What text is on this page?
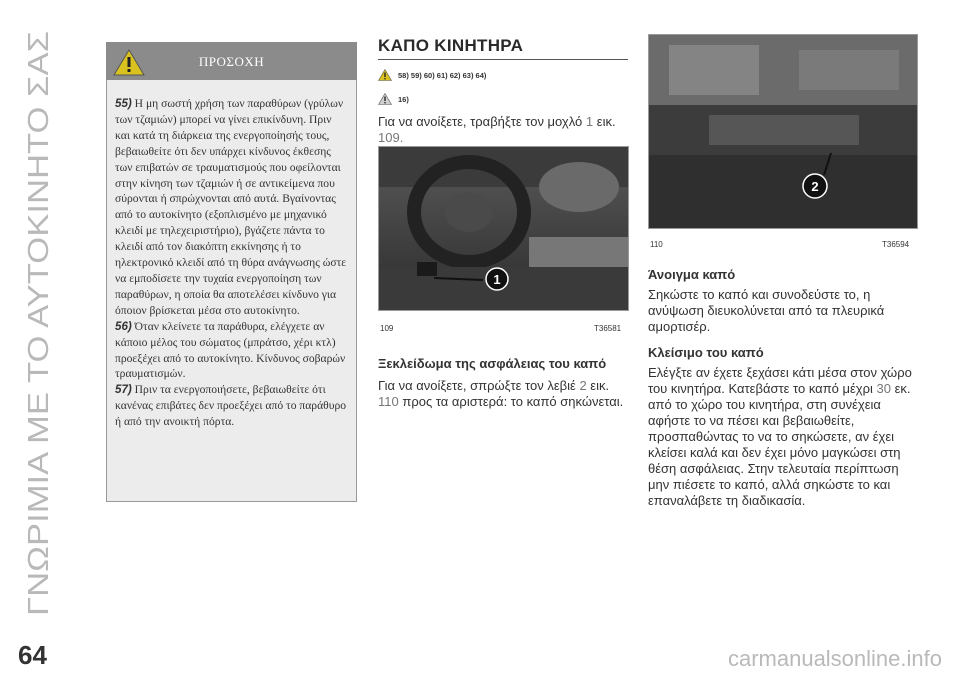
ΓΝΩΡΙΜΙΑ ΜΕ ΤΟ ΑΥΤΟΚΙΝΗΤΟ ΣΑΣ
64	carmanualsonline.info
ΠΡΟΣΟΧΗ

55) Η μη σωστή χρήση των παραθύρων (γρύλων των τζαμιών) μπορεί να γίνει επικίνδυνη. Πριν και κατά τη διάρκεια της ενεργοποίησής τους, βεβαιωθείτε ότι δεν υπάρχει κίνδυνος έκθεσης των επιβατών σε τραυματισμούς που οφείλονται στην κίνηση των τζαμιών ή σε αντικείμενα που σύρονται ή σπρώχνονται από αυτά. Βγαίνοντας από το αυτοκίνητο (εξοπλισμένο με μηχανικό κλειδί με τηλεχειριστήριο), βγάζετε πάντα το κλειδί από τον διακόπτη εκκίνησης ή το ηλεκτρονικό κλειδί από τη θύρα ανάγνωσης ώστε να εμποδίσετε την τυχαία ενεργοποίηση των παραθύρων, η οποία θα αποτελέσει κίνδυνο για όποιον βρίσκεται μέσα στο αυτοκίνητο.

56) Όταν κλείνετε τα παράθυρα, ελέγχετε αν κάποιο μέλος του σώματος (μπράτσο, χέρι κτλ) προεξέχει από το αυτοκίνητο. Κίνδυνος σοβαρών τραυματισμών.

57) Πριν τα ενεργοποιήσετε, βεβαιωθείτε ότι κανένας επιβάτες δεν προεξέχει από το παράθυρο ή από την ανοικτή πόρτα.

ΚΑΠΟ ΚΙΝΗΤΗΡΑ
58) 59) 60) 61) 62) 63) 64)
16)

Για να ανοίξετε, τραβήξτε τον μοχλό 1 εικ. 109.

1
109	T36581
Ξεκλείδωμα της ασφάλειας του καπό

Για να ανοίξετε, σπρώξτε τον λεβιέ 2 εικ. 110 προς τα αριστερά: το καπό σηκώνεται.

2
110	T36594
Άνοιγμα καπό

Σηκώστε το καπό και συνοδεύστε το, η ανύψωση διευκολύνεται από τα πλευρικά αμορτισέρ.

Κλείσιμο του καπό

Ελέγξτε αν έχετε ξεχάσει κάτι μέσα στον χώρο του κινητήρα. Κατεβάστε το καπό μέχρι 30 εκ. από το χώρο του κινητήρα, στη συνέχεια αφήστε το να πέσει και βεβαιωθείτε, προσπαθώντας το να το σηκώσετε, αν έχει κλείσει καλά και δεν έχει μόνο μαγκώσει στη θέση ασφάλειας. Στην τελευταία περίπτωση μην πιέσετε το καπό, αλλά σηκώστε το και επαναλάβετε τη διαδικασία.
